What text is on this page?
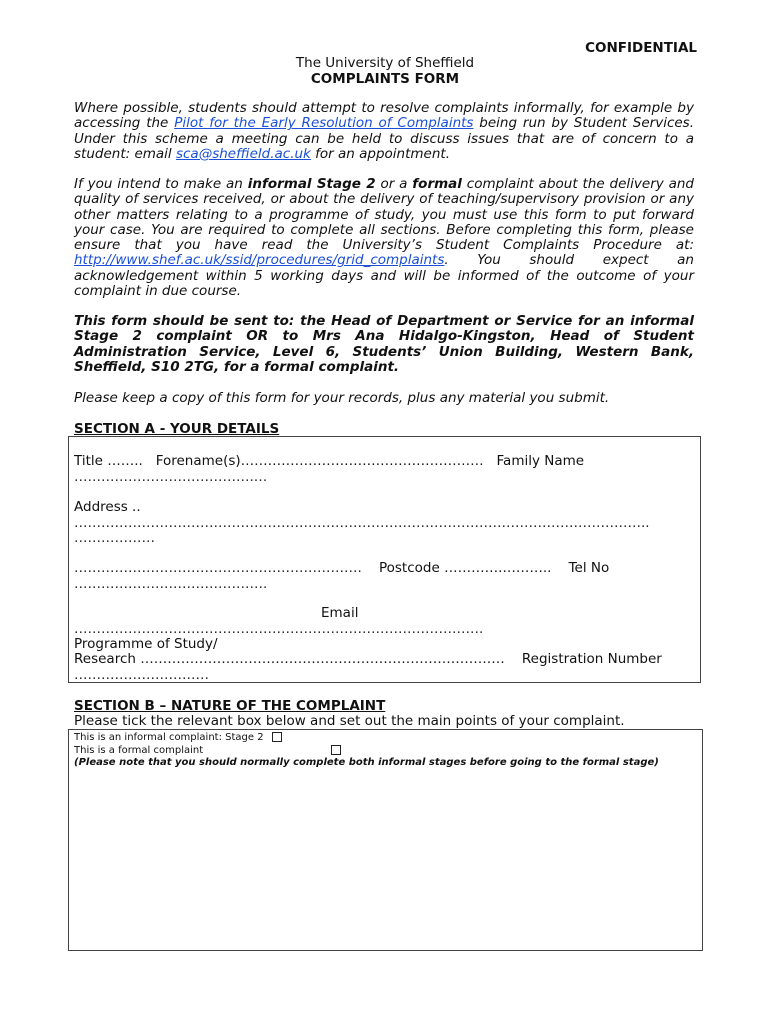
CONFIDENTIAL
The University of Sheffield
COMPLAINTS FORM
Where possible, students should attempt to resolve complaints informally, for example by accessing the Pilot for the Early Resolution of Complaints being run by Student Services. Under this scheme a meeting can be held to discuss issues that are of concern to a student: email sca@sheffield.ac.uk for an appointment.
If you intend to make an informal Stage 2 or a formal complaint about the delivery and quality of services received, or about the delivery of teaching/supervisory provision or any other matters relating to a programme of study, you must use this form to put forward your case. You are required to complete all sections. Before completing this form, please ensure that you have read the University’s Student Complaints Procedure at: http://www.shef.ac.uk/ssid/procedures/grid_complaints. You should expect an acknowledgement within 5 working days and will be informed of the outcome of your complaint in due course.
This form should be sent to: the Head of Department or Service for an informal Stage 2 complaint OR to Mrs Ana Hidalgo-Kingston, Head of Student Administration Service, Level 6, Students’ Union Building, Western Bank, Sheffield, S10 2TG, for a formal complaint.
Please keep a copy of this form for your records, plus any material you submit.
SECTION A - YOUR DETAILS
Title …….. Forename(s)……………………………………………… Family Name
………………………………….…
Address ..
………………………………………………………………………………………………………………..
………………
………………………………………………………. Postcode ………….……….. Tel No
…………………………………….
Email
……………………………………………………………………………….
Programme of Study/
Research ……………………………………………………………………… Registration Number
…………………………
SECTION B – NATURE OF THE COMPLAINT
Please tick the relevant box below and set out the main points of your complaint.
This is an informal complaint: Stage 2
This is a formal complaint
(Please note that you should normally complete both informal stages before going to the formal stage)
